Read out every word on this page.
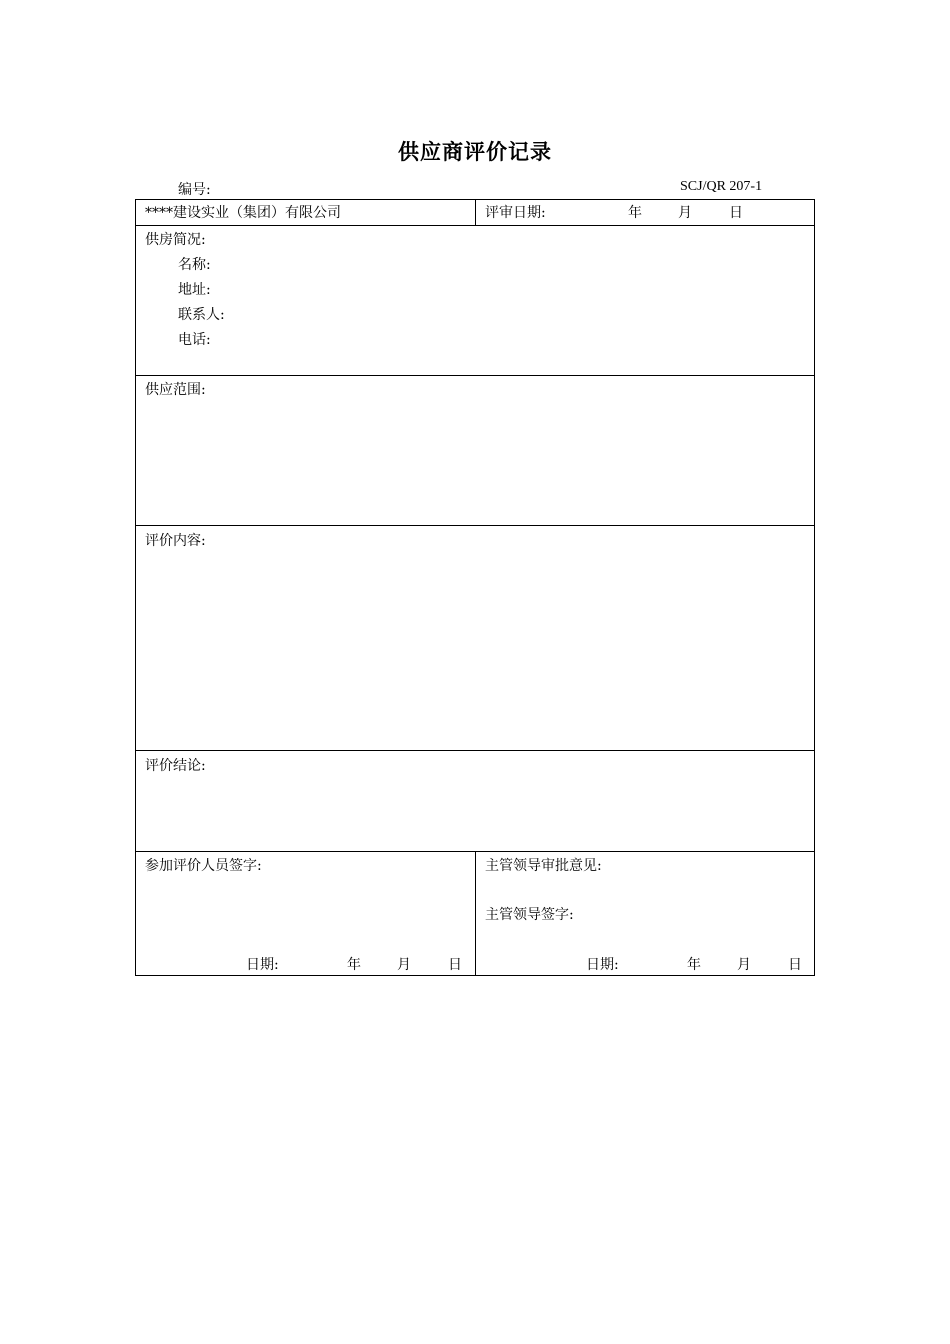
供应商评价记录
编号:	SCJ/QR 207-1
****建设实业（集团）有限公司	评审日期:	年	月	日
供房简况:
名称:
地址:
联系人:
电话:
供应范围:
评价内容:
评价结论:
参加评价人员签字:
日期:	年	月	日
主管领导审批意见:
主管领导签字:
日期:	年	月	日
